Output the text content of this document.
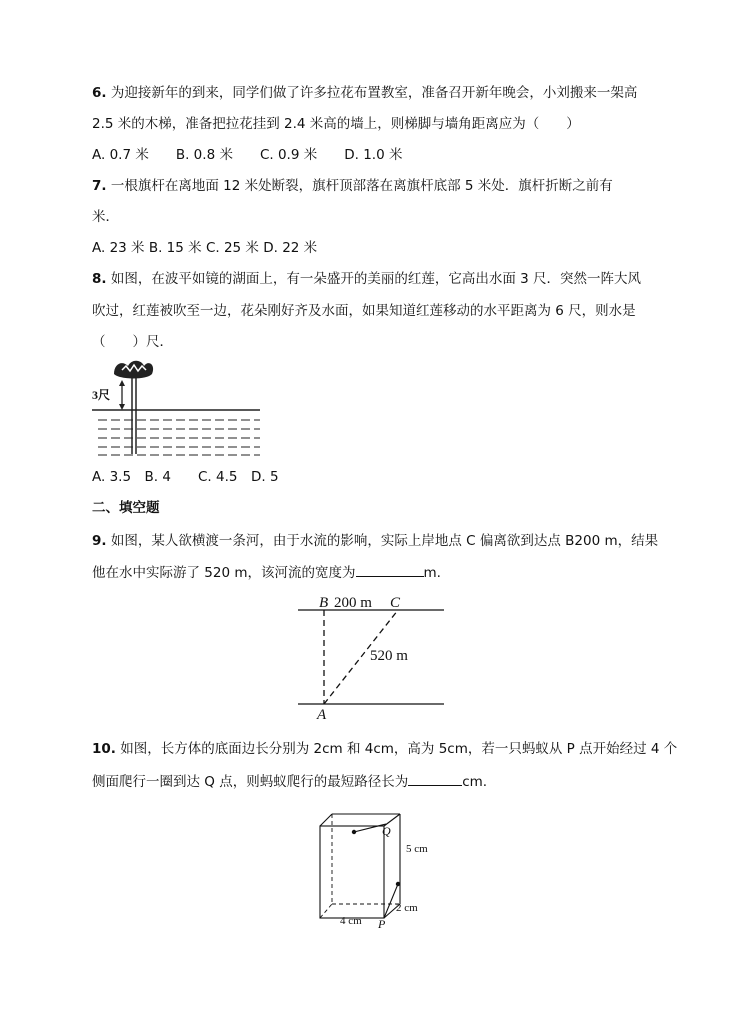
6. 为迎接新年的到来，同学们做了许多拉花布置教室，准备召开新年晚会，小刘搬来一架高
2.5 米的木梯，准备把拉花挂到 2.4 米高的墙上，则梯脚与墙角距离应为（　　）
A. 0.7 米　　B. 0.8 米　　C. 0.9 米　　D. 1.0 米
7. 一根旗杆在离地面 12 米处断裂，旗杆顶部落在离旗杆底部 5 米处．旗杆折断之前有
米．
A. 23 米 B. 15 米 C. 25 米 D. 22 米
8. 如图，在波平如镜的湖面上，有一朵盛开的美丽的红莲，它高出水面 3 尺．突然一阵大风
吹过，红莲被吹至一边，花朵刚好齐及水面，如果知道红莲移动的水平距离为 6 尺，则水是
（　　）尺．
3尺
A. 3.5　B. 4　　C. 4.5　D. 5
二、填空题
9. 如图，某人欲横渡一条河，由于水流的影响，实际上岸地点 C 偏离欲到达点 B200 m，结果
他在水中实际游了 520 m，该河流的宽度为	m.
B 200 m C
520 m
A
10. 如图，长方体的底面边长分别为 2cm 和 4cm，高为 5cm，若一只蚂蚁从 P 点开始经过 4 个
侧面爬行一圈到达 Q 点，则蚂蚁爬行的最短路径长为	cm.
Q
5 cm
2 cm
4 cm P
